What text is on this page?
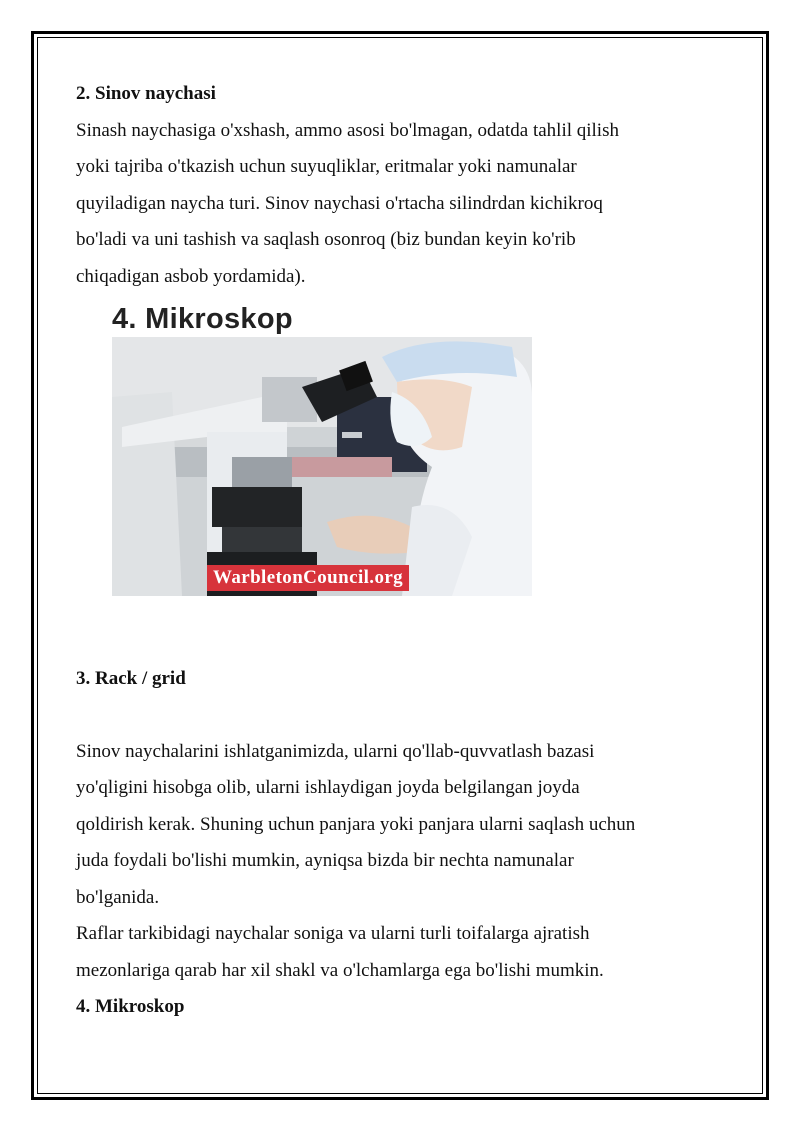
2. Sinov naychasi

Sinash naychasiga o'xshash, ammo asosi bo'lmagan, odatda tahlil qilish

yoki tajriba o'tkazish uchun suyuqliklar, eritmalar yoki namunalar

quyiladigan naycha turi. Sinov naychasi o'rtacha silindrdan kichikroq

bo'ladi va uni tashish va saqlash osonroq (biz bundan keyin ko'rib

chiqadigan asbob yordamida).

4. Mikroskop
WarbletonCouncil.org

3. Rack / grid

Sinov naychalarini ishlatganimizda, ularni qo'llab-quvvatlash bazasi

yo'qligini hisobga olib, ularni ishlaydigan joyda belgilangan joyda

qoldirish kerak. Shuning uchun panjara yoki panjara ularni saqlash uchun

juda foydali bo'lishi mumkin, ayniqsa bizda bir nechta namunalar

bo'lganida.

Raflar tarkibidagi naychalar soniga va ularni turli toifalarga ajratish

mezonlariga qarab har xil shakl va o'lchamlarga ega bo'lishi mumkin.

4. Mikroskop
